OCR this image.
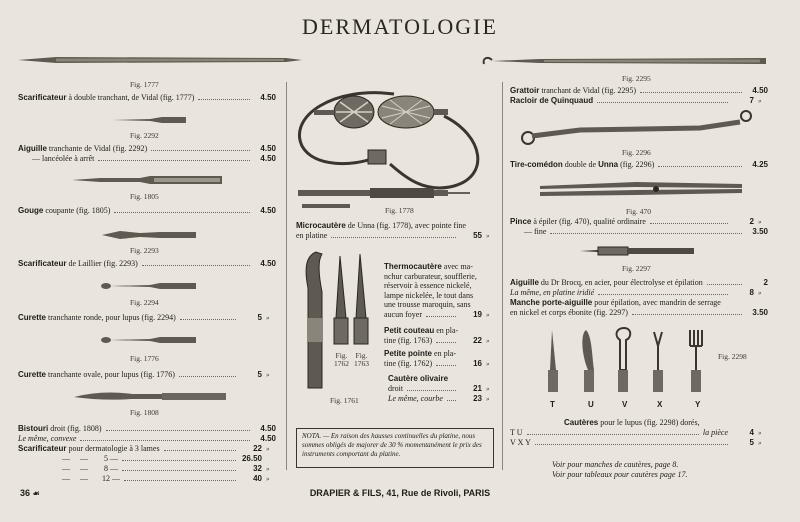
DERMATOLOGIE
Fig. 1777
Scarificateur à double tranchant, de Vidal (fig. 1777)	4.50
Fig. 2292
Aiguille tranchante de Vidal (fig. 2292)	4.50
— lancéolée à arrêt	4.50
Fig. 1805
Gouge coupante (fig. 1805)	4.50
Fig. 2293
Scarificateur de Laillier (fig. 2293)	4.50
Fig. 2294
Curette tranchante ronde, pour lupus (fig. 2294)	5 »
Fig. 1776
Curette tranchante ovale, pour lupus (fig. 1776)	5 »
Fig. 1808
Bistouri droit (fig. 1808)	4.50
Le même, convexe	4.50
Scarificateur pour dermatologie à 3 lames	22 »
—     —        5 —	26.50
—     —        8 —	32 »
—     —       12 —	40 »
Fig. 1778
Microcautère de Unna (fig. 1778), avec pointe fine
en platine	55 »
Fig.
1762
Fig.
1763
Fig. 1761
Thermocautère avec ma-
nchur carburateur, soufflerie,
réservoir à essence nickelé,
lampe nickelée, le tout dans
une trousse maroquin, sans
aucun foyer	19 »
Petit couteau en pla-
tine (fig. 1763)	22 »
Petite pointe en pla-
tine (fig. 1762)	16 »
Cautère olivaire
droit	21 »
Le même, courbe	23 »
NOTA. — En raison des hausses continuelles du platine, nous sommes obligés de majorer de 30 % momentanément le prix des instruments comportant du platine.
Fig. 2295
Grattoir tranchant de Vidal (fig. 2295)	4.50
Racloir de Quinquaud	7 »
Fig. 2296
Tire-comédon double de Unna (fig. 2296)	4.25
Fig. 470
Pince à épiler (fig. 470), qualité ordinaire	2 »
— fine	3.50
Fig. 2297
Aiguille du Dr Brocq, en acier, pour électrolyse et épilation	2
La même, en platine iridié	8 »
Manche porte-aiguille pour épilation, avec mandrin de serrage
en nickel et corps ébonite (fig. 2297)	3.50
Fig. 2298
T	U	V	X	Y
Cautères pour le lupus (fig. 2298) dorés,
T U	la pièce	4 »
V X Y	5 »
Voir pour manches de cautères, page 8.
Voir pour tableaux pour cautères page 17.
36 ☙	DRAPIER & FILS, 41, Rue de Rivoli, PARIS
